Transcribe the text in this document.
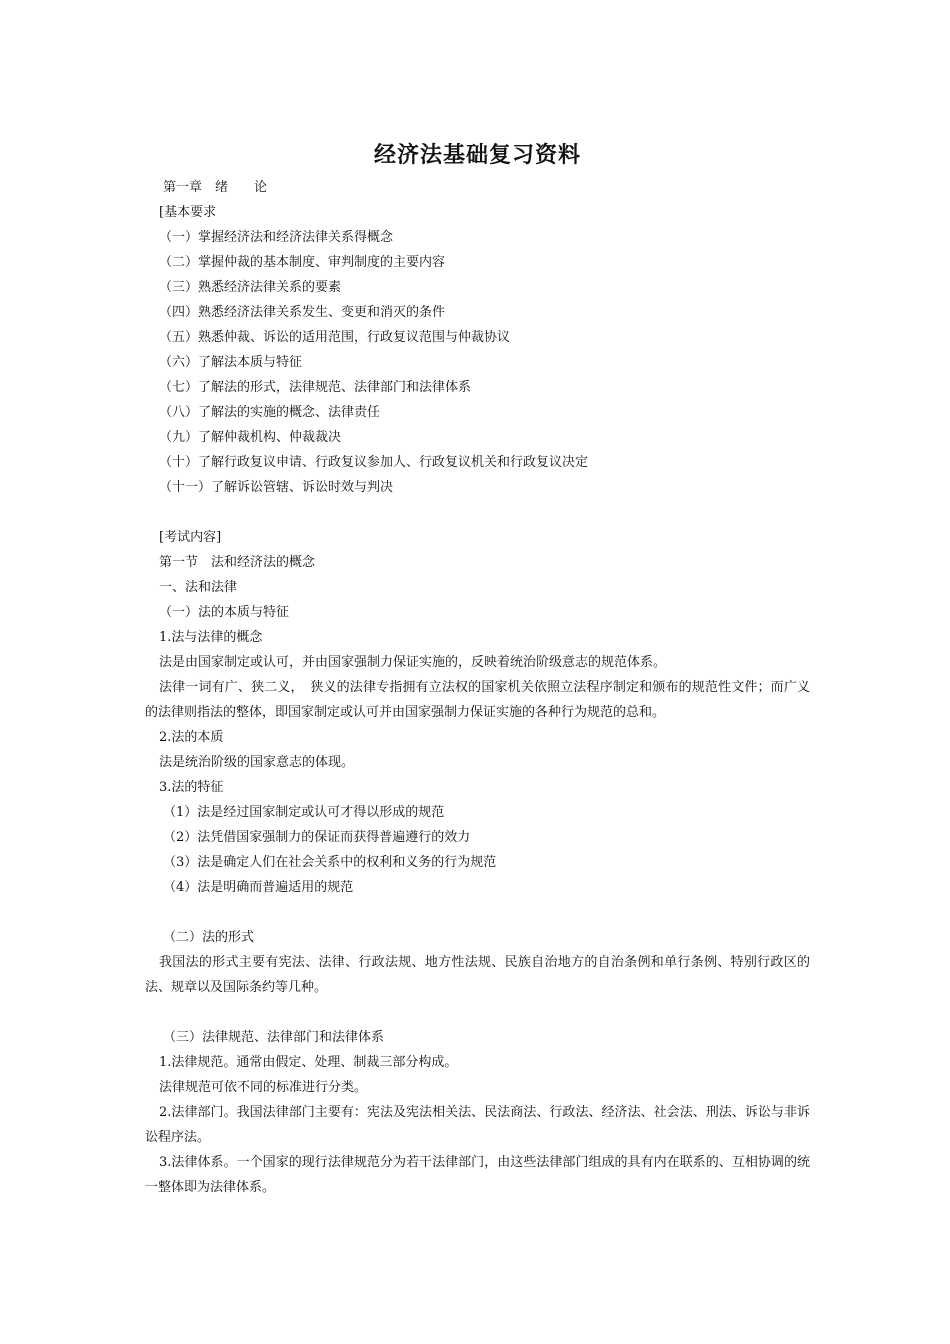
经济法基础复习资料
第一章　绪　　论
[基本要求
（一）掌握经济法和经济法律关系得概念
（二）掌握仲裁的基本制度、审判制度的主要内容
（三）熟悉经济法律关系的要素
（四）熟悉经济法律关系发生、变更和消灭的条件
（五）熟悉仲裁、诉讼的适用范围，行政复议范围与仲裁协议
（六）了解法本质与特征
（七）了解法的形式，法律规范、法律部门和法律体系
（八）了解法的实施的概念、法律责任
（九）了解仲裁机构、仲裁裁决
（十）了解行政复议申请、行政复议参加人、行政复议机关和行政复议决定
（十一）了解诉讼管辖、诉讼时效与判决
[考试内容]
第一节　法和经济法的概念
一、法和法律
（一）法的本质与特征
1.法与法律的概念
法是由国家制定或认可，并由国家强制力保证实施的，反映着统治阶级意志的规范体系。
法律一词有广、狭二义，　狭义的法律专指拥有立法权的国家机关依照立法程序制定和颁布的规范性文件；而广义的法律则指法的整体，即国家制定或认可并由国家强制力保证实施的各种行为规范的总和。
2.法的本质
法是统治阶级的国家意志的体现。
3.法的特征
（1）法是经过国家制定或认可才得以形成的规范
（2）法凭借国家强制力的保证而获得普遍遵行的效力
（3）法是确定人们在社会关系中的权利和义务的行为规范
（4）法是明确而普遍适用的规范
（二）法的形式
我国法的形式主要有宪法、法律、行政法规、地方性法规、民族自治地方的自治条例和单行条例、特别行政区的法、规章以及国际条约等几种。
（三）法律规范、法律部门和法律体系
1.法律规范。通常由假定、处理、制裁三部分构成。
法律规范可依不同的标准进行分类。
2.法律部门。我国法律部门主要有：宪法及宪法相关法、民法商法、行政法、经济法、社会法、刑法、诉讼与非诉讼程序法。
3.法律体系。一个国家的现行法律规范分为若干法律部门，由这些法律部门组成的具有内在联系的、互相协调的统一整体即为法律体系。
